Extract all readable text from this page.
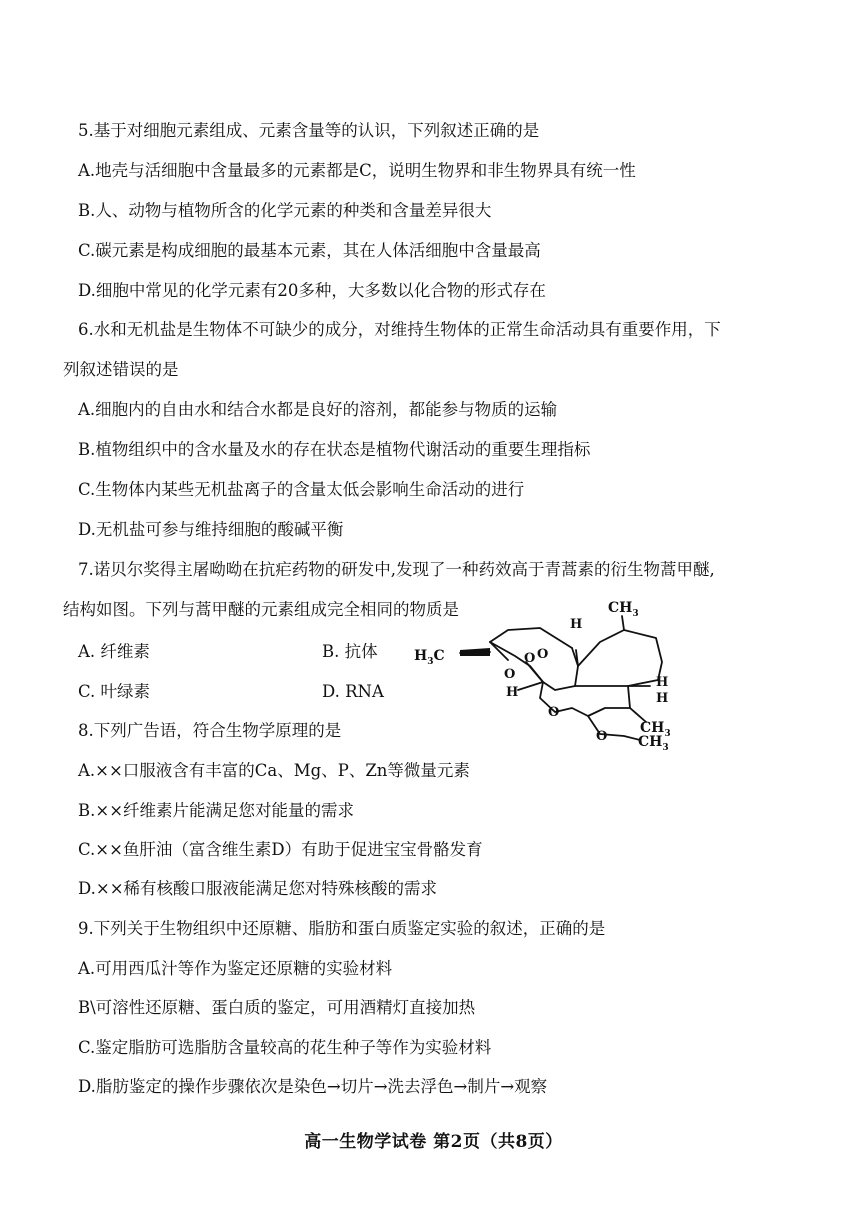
5.基于对细胞元素组成、元素含量等的认识，下列叙述正确的是
A.地壳与活细胞中含量最多的元素都是C，说明生物界和非生物界具有统一性
B.人、动物与植物所含的化学元素的种类和含量差异很大
C.碳元素是构成细胞的最基本元素，其在人体活细胞中含量最高
D.细胞中常见的化学元素有20多种，大多数以化合物的形式存在
6.水和无机盐是生物体不可缺少的成分，对维持生物体的正常生命活动具有重要作用，下
列叙述错误的是
A.细胞内的自由水和结合水都是良好的溶剂，都能参与物质的运输
B.植物组织中的含水量及水的存在状态是植物代谢活动的重要生理指标
C.生物体内某些无机盐离子的含量太低会影响生命活动的进行
D.无机盐可参与维持细胞的酸碱平衡
7.诺贝尔奖得主屠呦呦在抗疟药物的研发中,发现了一种药效高于青蒿素的衍生物蒿甲醚,
结构如图。下列与蒿甲醚的元素组成完全相同的物质是
A. 纤维素	B. 抗体
C. 叶绿素	D. RNA
$CH_3$
$H_3C$	O
O
O
O
O
H
H
H
H
$CH_3$
$CH_3$
8.下列广告语，符合生物学原理的是
A.××口服液含有丰富的Ca、Mg、P、Zn等微量元素
B.××纤维素片能满足您对能量的需求
C.××鱼肝油（富含维生素D）有助于促进宝宝骨骼发育
D.××稀有核酸口服液能满足您对特殊核酸的需求
9.下列关于生物组织中还原糖、脂肪和蛋白质鉴定实验的叙述，正确的是
A.可用西瓜汁等作为鉴定还原糖的实验材料
B\可溶性还原糖、蛋白质的鉴定，可用酒精灯直接加热
C.鉴定脂肪可选脂肪含量较高的花生种子等作为实验材料
D.脂肪鉴定的操作步骤依次是染色→切片→洗去浮色→制片→观察
高一生物学试卷 第2页（共8页）
